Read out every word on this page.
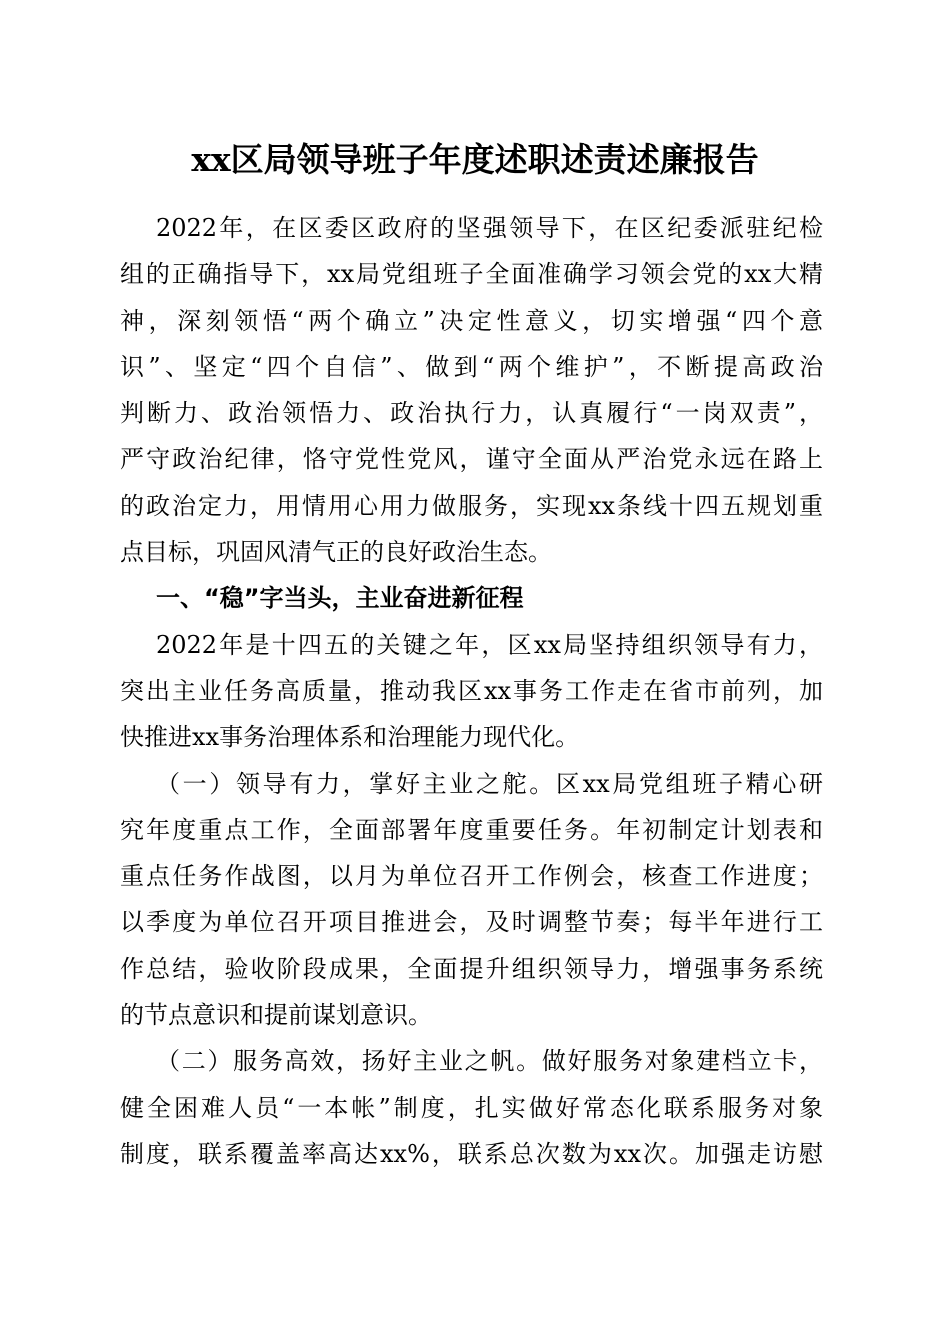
xx区局领导班子年度述职述责述廉报告
2022年，在区委区政府的坚强领导下，在区纪委派驻纪检
组的正确指导下，xx局党组班子全面准确学习领会党的xx大精
神，深刻领悟“两个确立”决定性意义，切实增强“四个意
识”、坚定“四个自信”、做到“两个维护”，不断提高政治
判断力、政治领悟力、政治执行力，认真履行“一岗双责”，
严守政治纪律，恪守党性党风，谨守全面从严治党永远在路上
的政治定力，用情用心用力做服务，实现xx条线十四五规划重
点目标，巩固风清气正的良好政治生态。
一、“稳”字当头，主业奋进新征程
2022年是十四五的关键之年，区xx局坚持组织领导有力，
突出主业任务高质量，推动我区xx事务工作走在省市前列，加
快推进xx事务治理体系和治理能力现代化。
（一）领导有力，掌好主业之舵。区xx局党组班子精心研
究年度重点工作，全面部署年度重要任务。年初制定计划表和
重点任务作战图，以月为单位召开工作例会，核查工作进度；
以季度为单位召开项目推进会，及时调整节奏；每半年进行工
作总结，验收阶段成果，全面提升组织领导力，增强事务系统
的节点意识和提前谋划意识。
（二）服务高效，扬好主业之帆。做好服务对象建档立卡，
健全困难人员“一本帐”制度，扎实做好常态化联系服务对象
制度，联系覆盖率高达xx%，联系总次数为xx次。加强走访慰
